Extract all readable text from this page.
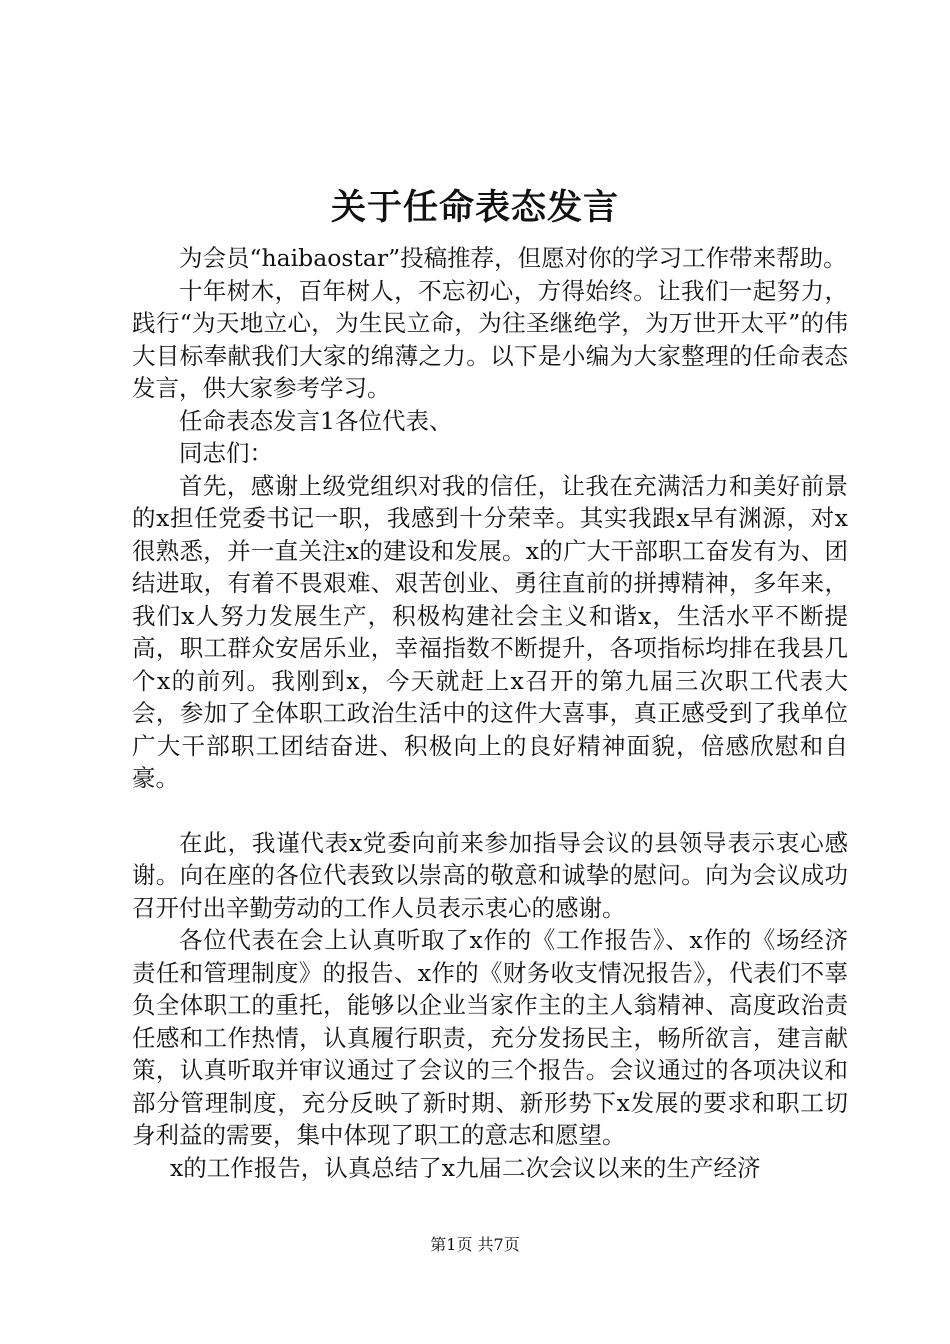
关于任命表态发言

为会员“haibaostar”投稿推荐，但愿对你的学习工作带来帮助。

十年树木，百年树人，不忘初心，方得始终。让我们一起努力，践行“为天地立心，为生民立命，为往圣继绝学，为万世开太平”的伟大目标奉献我们大家的绵薄之力。以下是小编为大家整理的任命表态发言，供大家参考学习。

任命表态发言1各位代表、

同志们：

首先，感谢上级党组织对我的信任，让我在充满活力和美好前景的x担任党委书记一职，我感到十分荣幸。其实我跟x早有渊源，对x很熟悉，并一直关注x的建设和发展。x的广大干部职工奋发有为、团结进取，有着不畏艰难、艰苦创业、勇往直前的拼搏精神，多年来，我们x人努力发展生产，积极构建社会主义和谐x，生活水平不断提高，职工群众安居乐业，幸福指数不断提升，各项指标均排在我县几个x的前列。我刚到x，今天就赶上x召开的第九届三次职工代表大会，参加了全体职工政治生活中的这件大喜事，真正感受到了我单位广大干部职工团结奋进、积极向上的良好精神面貌，倍感欣慰和自豪。

在此，我谨代表x党委向前来参加指导会议的县领导表示衷心感谢。向在座的各位代表致以崇高的敬意和诚挚的慰问。向为会议成功召开付出辛勤劳动的工作人员表示衷心的感谢。

各位代表在会上认真听取了x作的《工作报告》、x作的《场经济责任和管理制度》的报告、x作的《财务收支情况报告》，代表们不辜负全体职工的重托，能够以企业当家作主的主人翁精神、高度政治责任感和工作热情，认真履行职责，充分发扬民主，畅所欲言，建言献策，认真听取并审议通过了会议的三个报告。会议通过的各项决议和部分管理制度，充分反映了新时期、新形势下x发展的要求和职工切身利益的需要，集中体现了职工的意志和愿望。

x的工作报告，认真总结了x九届二次会议以来的生产经济

第1页 共7页
